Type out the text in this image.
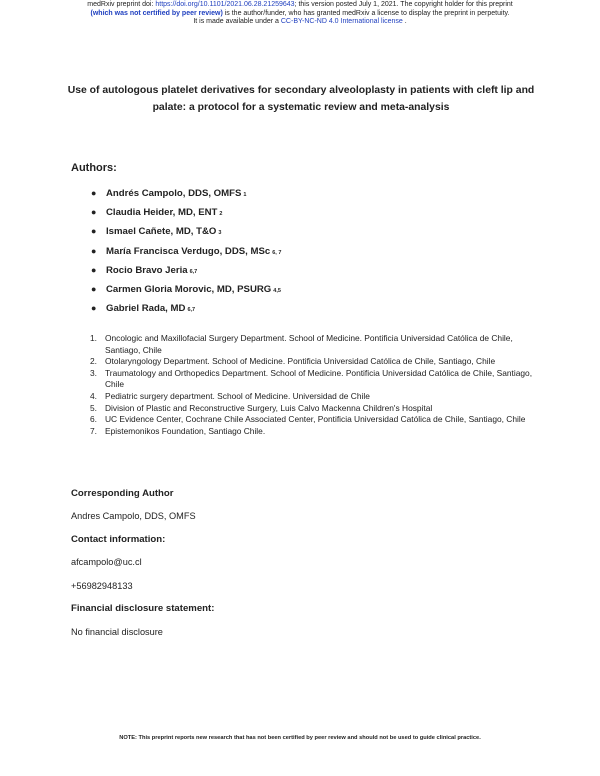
medRxiv preprint doi: https://doi.org/10.1101/2021.06.28.21259643; this version posted July 1, 2021. The copyright holder for this preprint
(which was not certified by peer review) is the author/funder, who has granted medRxiv a license to display the preprint in perpetuity.
It is made available under a CC-BY-NC-ND 4.0 International license .
Use of autologous platelet derivatives for secondary alveoloplasty in patients with cleft lip and palate: a protocol for a systematic review and meta-analysis
Authors:
● Andrés Campolo, DDS, OMFS 1
● Claudia Heider, MD, ENT 2
● Ismael Cañete, MD, T&O 3
● María Francisca Verdugo, DDS, MSc 6, 7
● Rocio Bravo Jeria 6,7
● Carmen Gloria Morovic, MD, PSURG 4,5
● Gabriel Rada, MD 6,7
1. Oncologic and Maxillofacial Surgery Department. School of Medicine. Pontificia Universidad Católica de Chile, Santiago, Chile
2. Otolaryngology Department. School of Medicine. Pontificia Universidad Católica de Chile, Santiago, Chile
3. Traumatology and Orthopedics Department. School of Medicine. Pontificia Universidad Católica de Chile, Santiago, Chile
4. Pediatric surgery department. School of Medicine. Universidad de Chile
5. Division of Plastic and Reconstructive Surgery, Luis Calvo Mackenna Children's Hospital
6. UC Evidence Center, Cochrane Chile Associated Center, Pontificia Universidad Católica de Chile, Santiago, Chile
7. Epistemonikos Foundation, Santiago Chile.
Corresponding Author
Andres Campolo, DDS, OMFS
Contact information:
afcampolo@uc.cl
+56982948133
Financial disclosure statement:
No financial disclosure
NOTE: This preprint reports new research that has not been certified by peer review and should not be used to guide clinical practice.
